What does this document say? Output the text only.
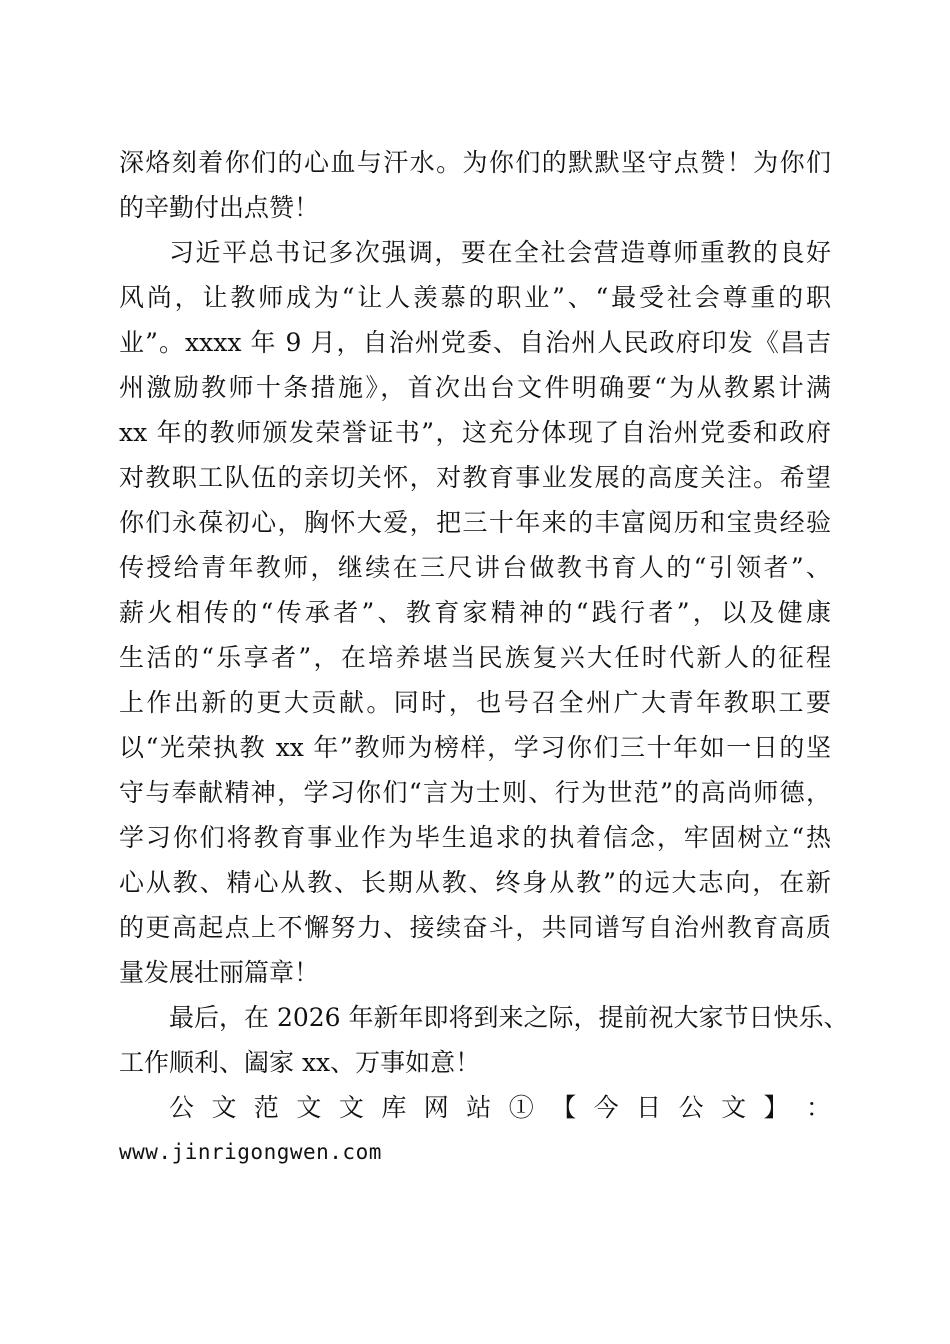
深烙刻着你们的心血与汗水。为你们的默默坚守点赞！为你们
的辛勤付出点赞！
习近平总书记多次强调，要在全社会营造尊师重教的良好
风尚，让教师成为“让人羡慕的职业”、“最受社会尊重的职
业”。xxxx 年 9 月，自治州党委、自治州人民政府印发《昌吉
州激励教师十条措施》，首次出台文件明确要“为从教累计满
xx 年的教师颁发荣誉证书”，这充分体现了自治州党委和政府
对教职工队伍的亲切关怀，对教育事业发展的高度关注。希望
你们永葆初心，胸怀大爱，把三十年来的丰富阅历和宝贵经验
传授给青年教师，继续在三尺讲台做教书育人的“引领者”、
薪火相传的“传承者”、教育家精神的“践行者”，以及健康
生活的“乐享者”，在培养堪当民族复兴大任时代新人的征程
上作出新的更大贡献。同时，也号召全州广大青年教职工要
以“光荣执教 xx 年”教师为榜样，学习你们三十年如一日的坚
守与奉献精神，学习你们“言为士则、行为世范”的高尚师德，
学习你们将教育事业作为毕生追求的执着信念，牢固树立“热
心从教、精心从教、长期从教、终身从教”的远大志向，在新
的更高起点上不懈努力、接续奋斗，共同谱写自治州教育高质
量发展壮丽篇章！
最后，在 2026 年新年即将到来之际，提前祝大家节日快乐、
工作顺利、阖家 xx、万事如意！
公 文 范 文 文 库 网 站 ① 【 今 日 公 文 】 ：
www.jinrigongwen.com
